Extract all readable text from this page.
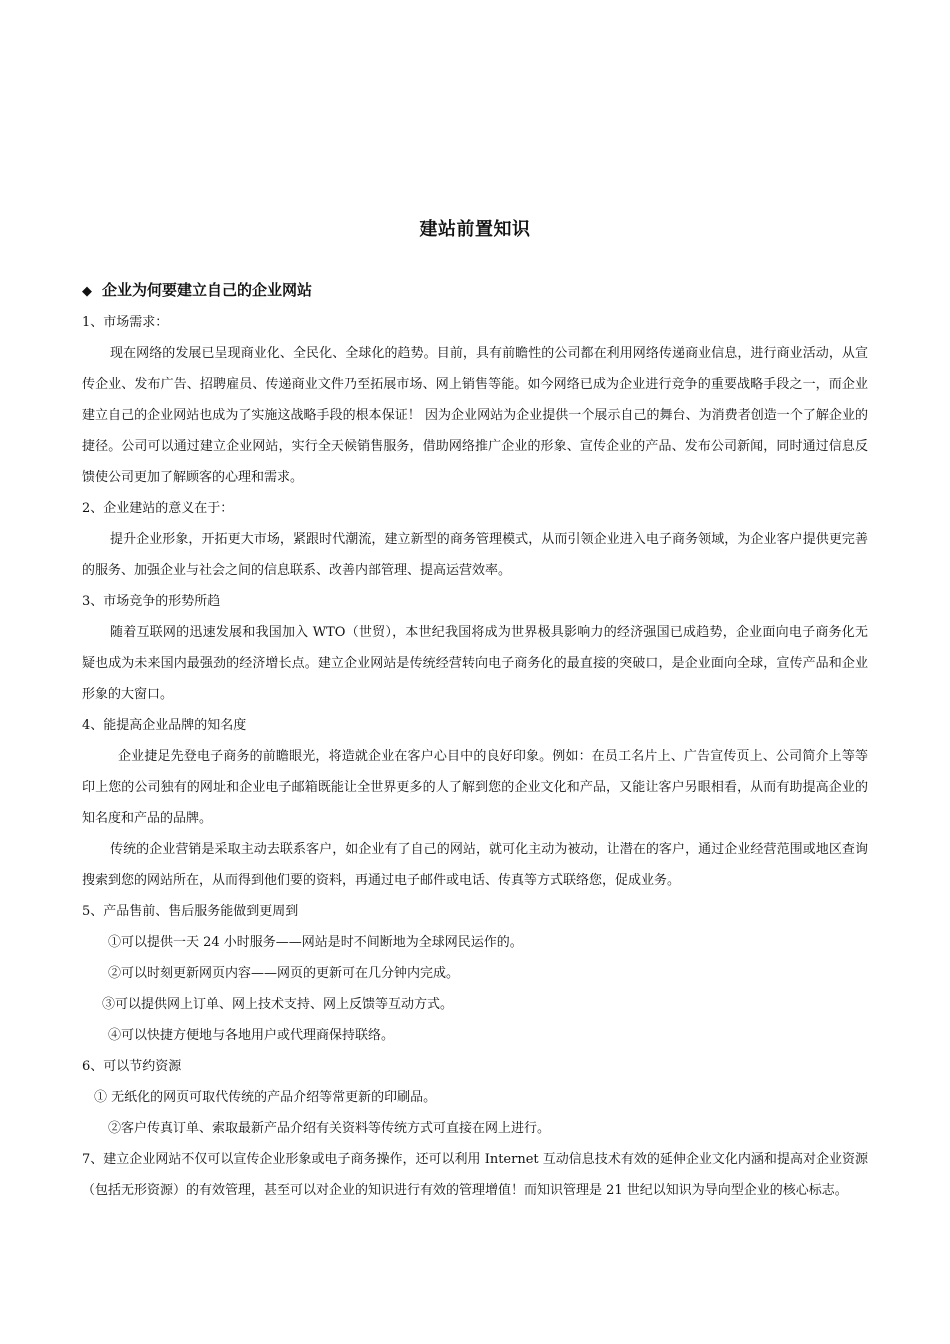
建站前置知识
◆ 企业为何要建立自己的企业网站

1、市场需求：

现在网络的发展已呈现商业化、全民化、全球化的趋势。目前，具有前瞻性的公司都在利用网络传递商业信息，进行商业活动，从宣传企业、发布广告、招聘雇员、传递商业文件乃至拓展市场、网上销售等能。如今网络已成为企业进行竞争的重要战略手段之一，而企业建立自己的企业网站也成为了实施这战略手段的根本保证！ 因为企业网站为企业提供一个展示自己的舞台、为消费者创造一个了解企业的捷径。公司可以通过建立企业网站，实行全天候销售服务，借助网络推广企业的形象、宣传企业的产品、发布公司新闻，同时通过信息反馈使公司更加了解顾客的心理和需求。

2、企业建站的意义在于：

提升企业形象，开拓更大市场，紧跟时代潮流，建立新型的商务管理模式，从而引领企业进入电子商务领域，为企业客户提供更完善的服务、加强企业与社会之间的信息联系、改善内部管理、提高运营效率。

3、市场竞争的形势所趋

随着互联网的迅速发展和我国加入 WTO（世贸），本世纪我国将成为世界极具影响力的经济强国已成趋势，企业面向电子商务化无疑也成为未来国内最强劲的经济增长点。建立企业网站是传统经营转向电子商务化的最直接的突破口，是企业面向全球，宣传产品和企业形象的大窗口。

4、能提高企业品牌的知名度

企业捷足先登电子商务的前瞻眼光，将造就企业在客户心目中的良好印象。例如：在员工名片上、广告宣传页上、公司简介上等等印上您的公司独有的网址和企业电子邮箱既能让全世界更多的人了解到您的企业文化和产品，又能让客户另眼相看，从而有助提高企业的知名度和产品的品牌。

传统的企业营销是采取主动去联系客户，如企业有了自己的网站，就可化主动为被动，让潜在的客户，通过企业经营范围或地区查询搜索到您的网站所在，从而得到他们要的资料，再通过电子邮件或电话、传真等方式联络您，促成业务。

5、产品售前、售后服务能做到更周到

①可以提供一天 24 小时服务——网站是时不间断地为全球网民运作的。

②可以时刻更新网页内容——网页的更新可在几分钟内完成。

③可以提供网上订单、网上技术支持、网上反馈等互动方式。

④可以快捷方便地与各地用户或代理商保持联络。

6、可以节约资源

① 无纸化的网页可取代传统的产品介绍等常更新的印刷品。

②客户传真订单、索取最新产品介绍有关资料等传统方式可直接在网上进行。

7、建立企业网站不仅可以宣传企业形象或电子商务操作，还可以利用 Internet 互动信息技术有效的延伸企业文化内涵和提高对企业资源（包括无形资源）的有效管理，甚至可以对企业的知识进行有效的管理增值！而知识管理是 21 世纪以知识为导向型企业的核心标志。
